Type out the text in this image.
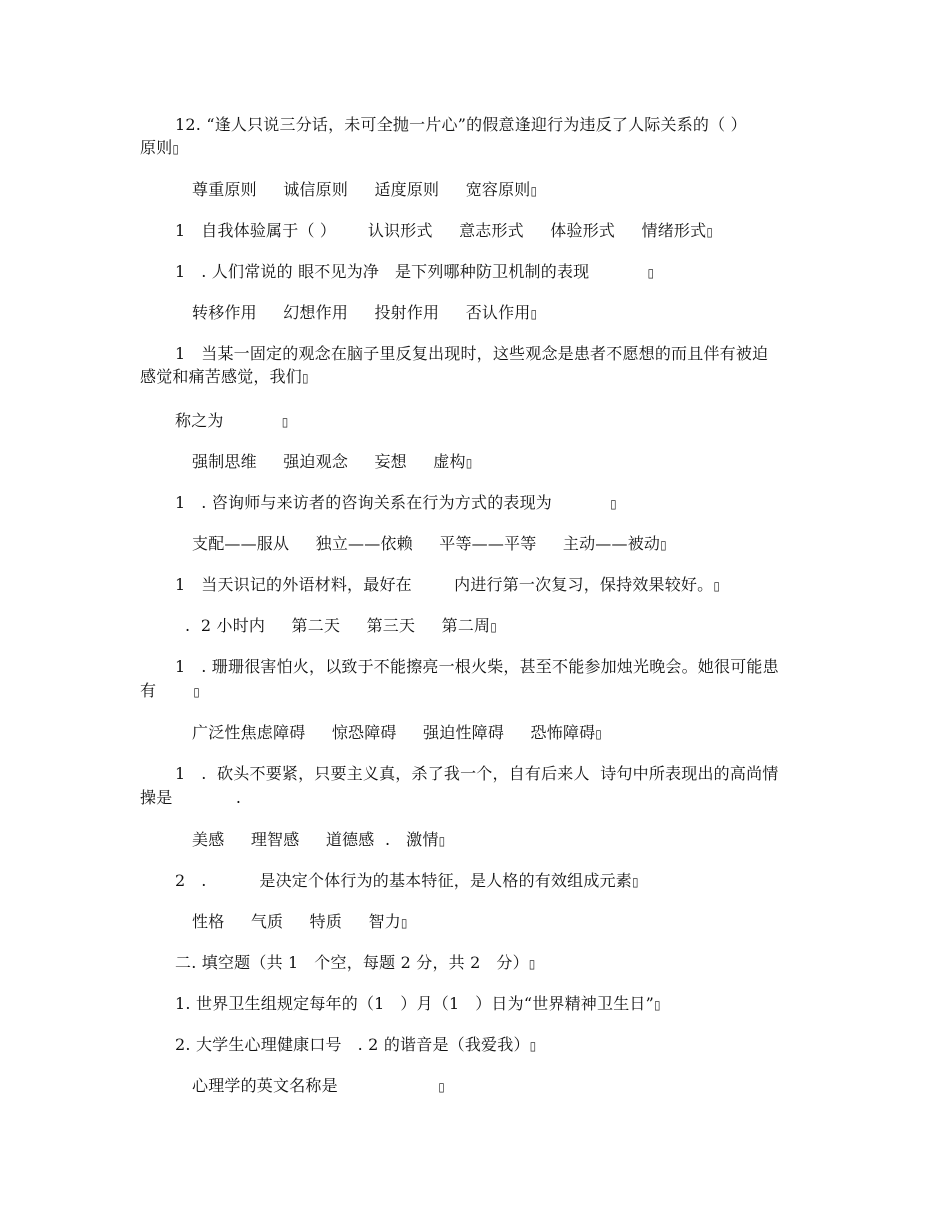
12. “逢人只说三分话，未可全抛一片心”的假意逢迎行为违反了人际关系的（ ）
原则▯
尊重原则     诚信原则     适度原则     宽容原则▯
1   自我体验属于（ ）      认识形式     意志形式     体验形式     情绪形式▯
1   . 人们常说的 眼不见为净   是下列哪种防卫机制的表现           ▯
转移作用     幻想作用     投射作用     否认作用▯
1   当某一固定的观念在脑子里反复出现时，这些观念是患者不愿想的而且伴有被迫
感觉和痛苦感觉，我们▯
称之为           ▯
强制思维     强迫观念     妄想     虚构▯
1   . 咨询师与来访者的咨询关系在行为方式的表现为           ▯
支配——服从     独立——依赖     平等——平等     主动——被动▯
1   当天识记的外语材料，最好在        内进行第一次复习，保持效果较好。▯
.  2 小时内     第二天     第三天     第二周▯
1   . 珊珊很害怕火，以致于不能擦亮一根火柴，甚至不能参加烛光晚会。她很可能患
有       ▯
广泛性焦虑障碍     惊恐障碍     强迫性障碍     恐怖障碍▯
1   .  砍头不要紧，只要主义真，杀了我一个，自有后来人  诗句中所表现出的高尚情
操是            .
美感     理智感     道德感  .   激情▯
2   .          是决定个体行为的基本特征，是人格的有效组成元素▯
性格     气质     特质     智力▯
二. 填空题（共 1   个空，每题 2 分，共 2   分）▯
1. 世界卫生组规定每年的（1   ）月（1   ）日为“世界精神卫生日”▯
2. 大学生心理健康口号   . 2 的谐音是（我爱我）▯
心理学的英文名称是                   ▯
